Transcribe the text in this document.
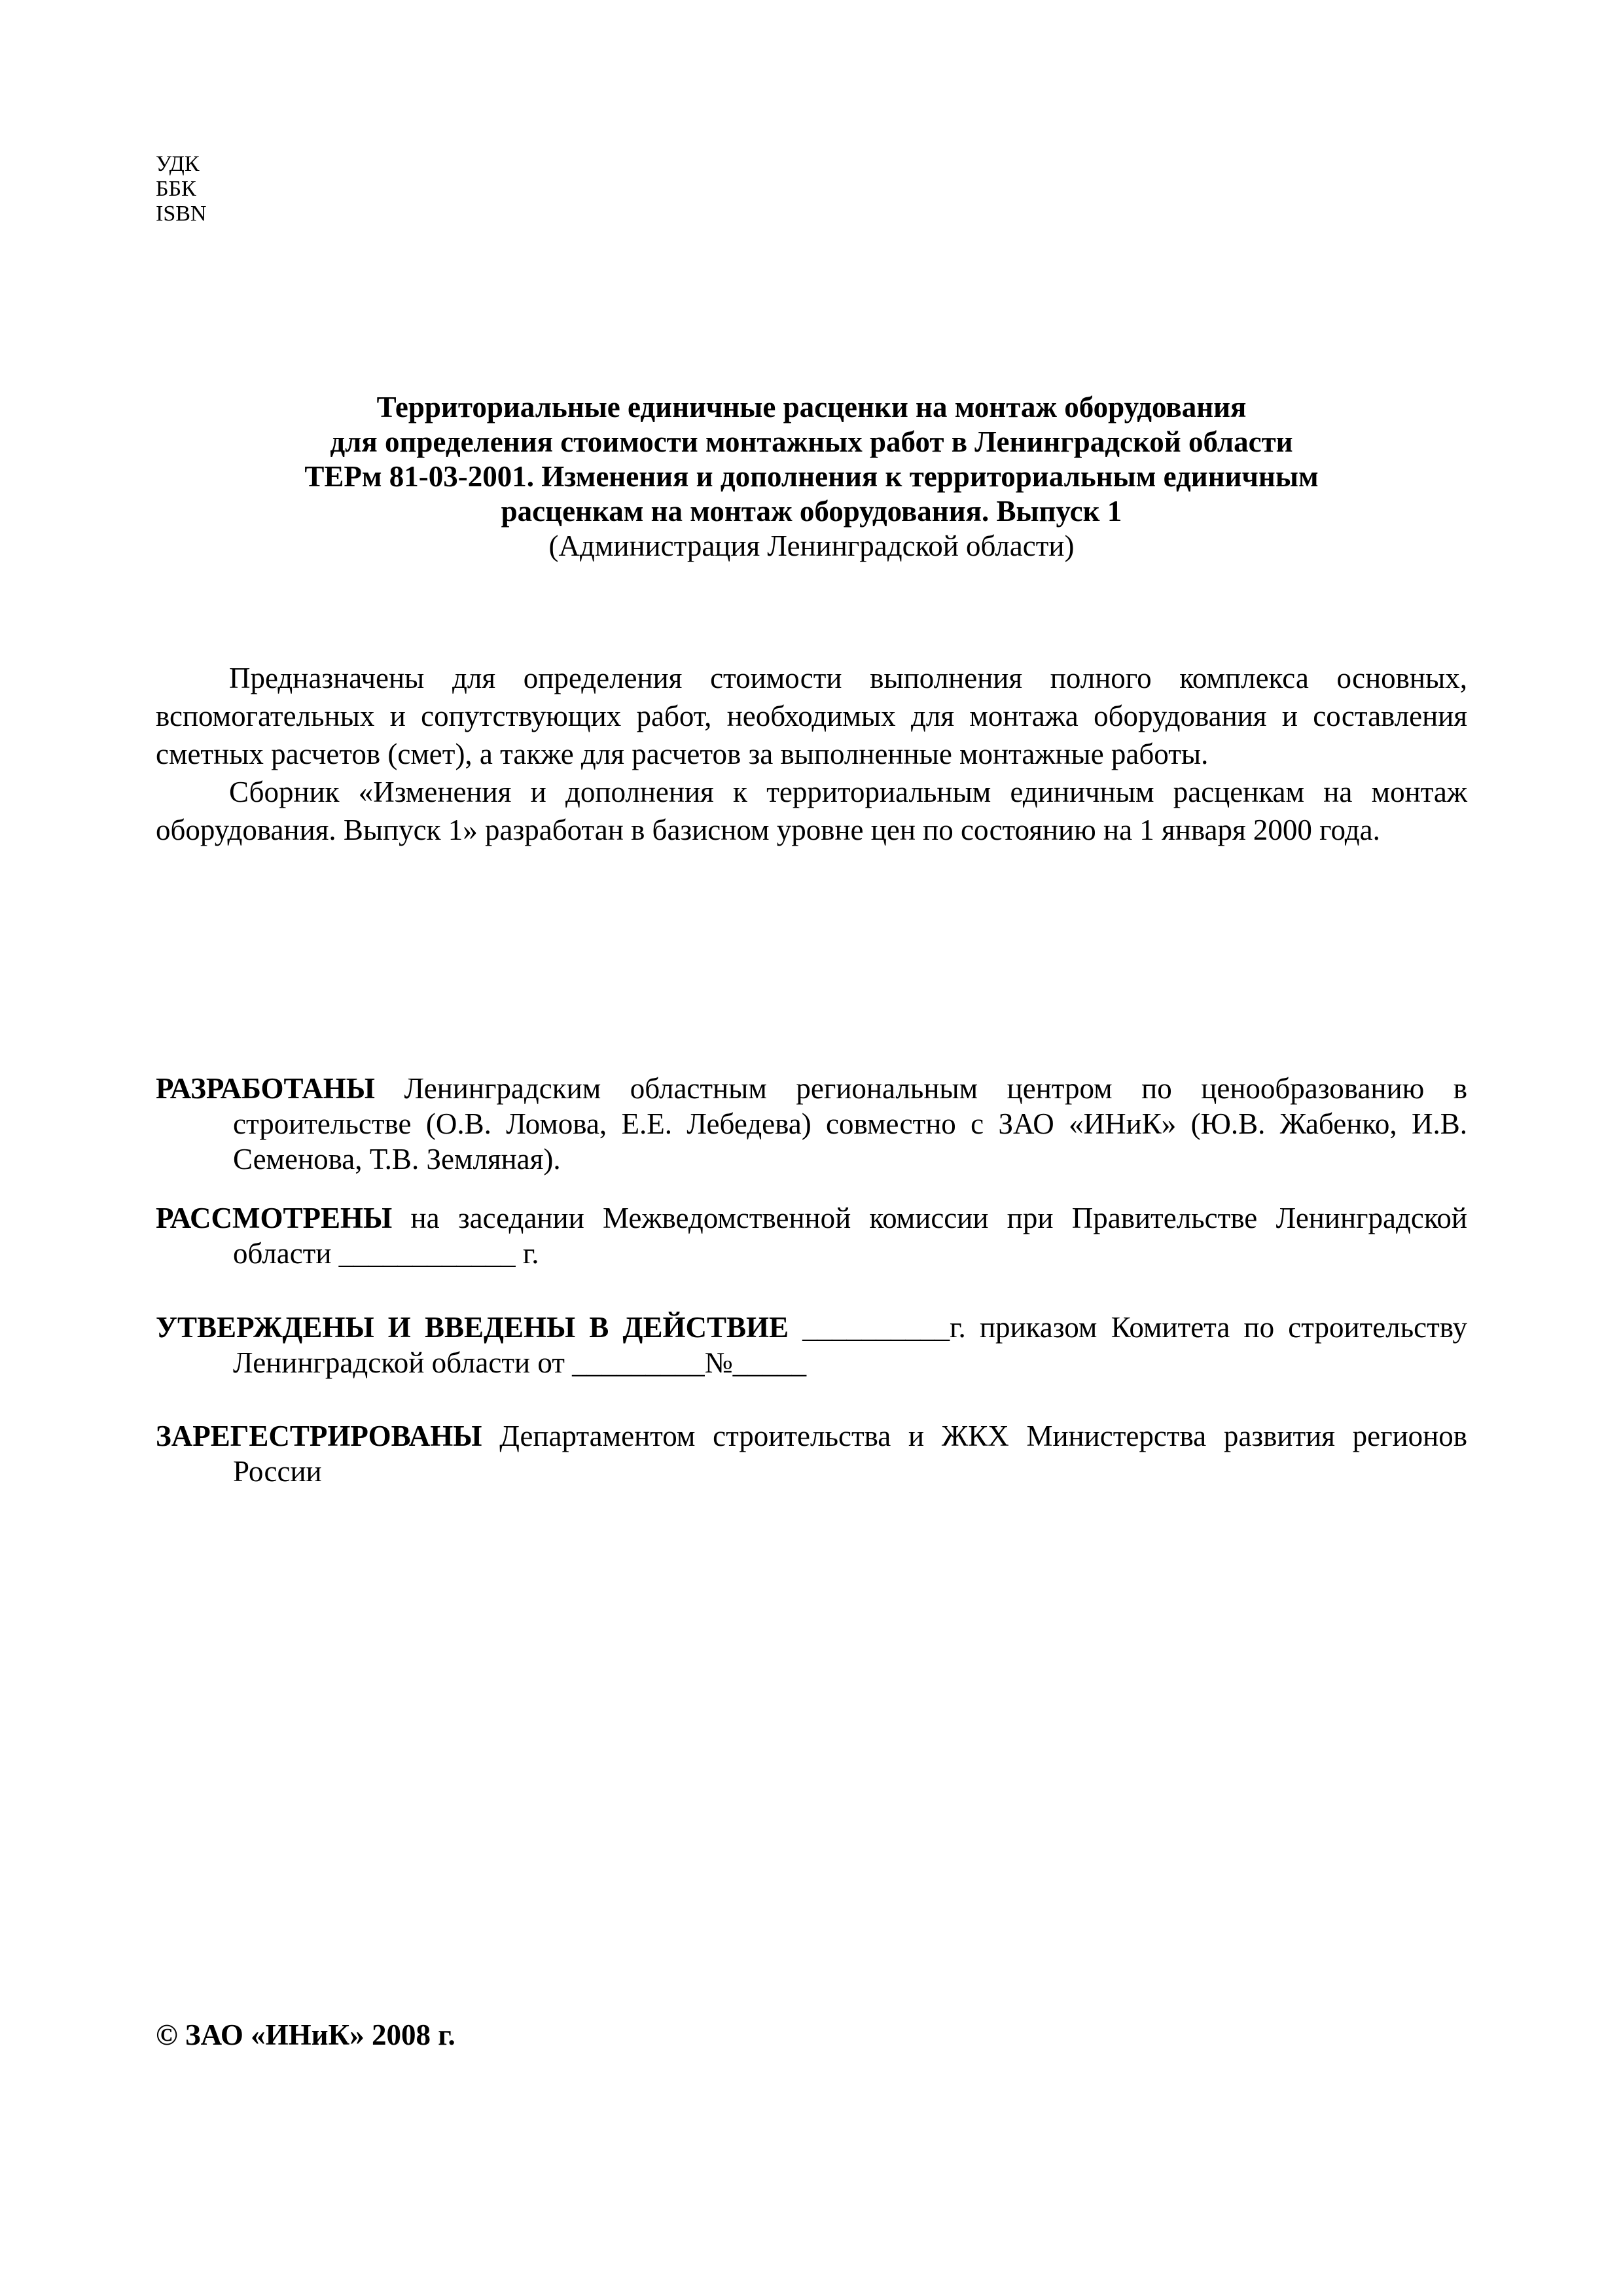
УДК
ББК
ISBN
Территориальные единичные расценки на монтаж оборудования
для определения стоимости монтажных работ в Ленинградской области
ТЕРм 81-03-2001. Изменения и дополнения к территориальным единичным
расценкам на монтаж оборудования. Выпуск 1
(Администрация Ленинградской области)

Предназначены для определения стоимости выполнения полного комплекса основных, вспомогательных и сопутствующих работ, необходимых для монтажа оборудования и составления сметных расчетов (смет), а также для расчетов за выполненные монтажные работы.

Сборник «Изменения и дополнения к территориальным единичным расценкам на монтаж оборудования. Выпуск 1» разработан в базисном уровне цен по состоянию на 1 января 2000 года.

РАЗРАБОТАНЫ Ленинградским областным региональным центром по ценообразованию в строительстве (О.В. Ломова, Е.Е. Лебедева) совместно с ЗАО «ИНиК» (Ю.В. Жабенко, И.В. Семенова, Т.В. Земляная).
РАССМОТРЕНЫ на заседании Межведомственной комиссии при Правительстве Ленинградской области ____________ г.
УТВЕРЖДЕНЫ И ВВЕДЕНЫ В ДЕЙСТВИЕ __________г. приказом Комитета по строительству Ленинградской области от _________№_____
ЗАРЕГЕСТРИРОВАНЫ Департаментом строительства и ЖКХ Министерства развития регионов России
© ЗАО «ИНиК» 2008 г.
